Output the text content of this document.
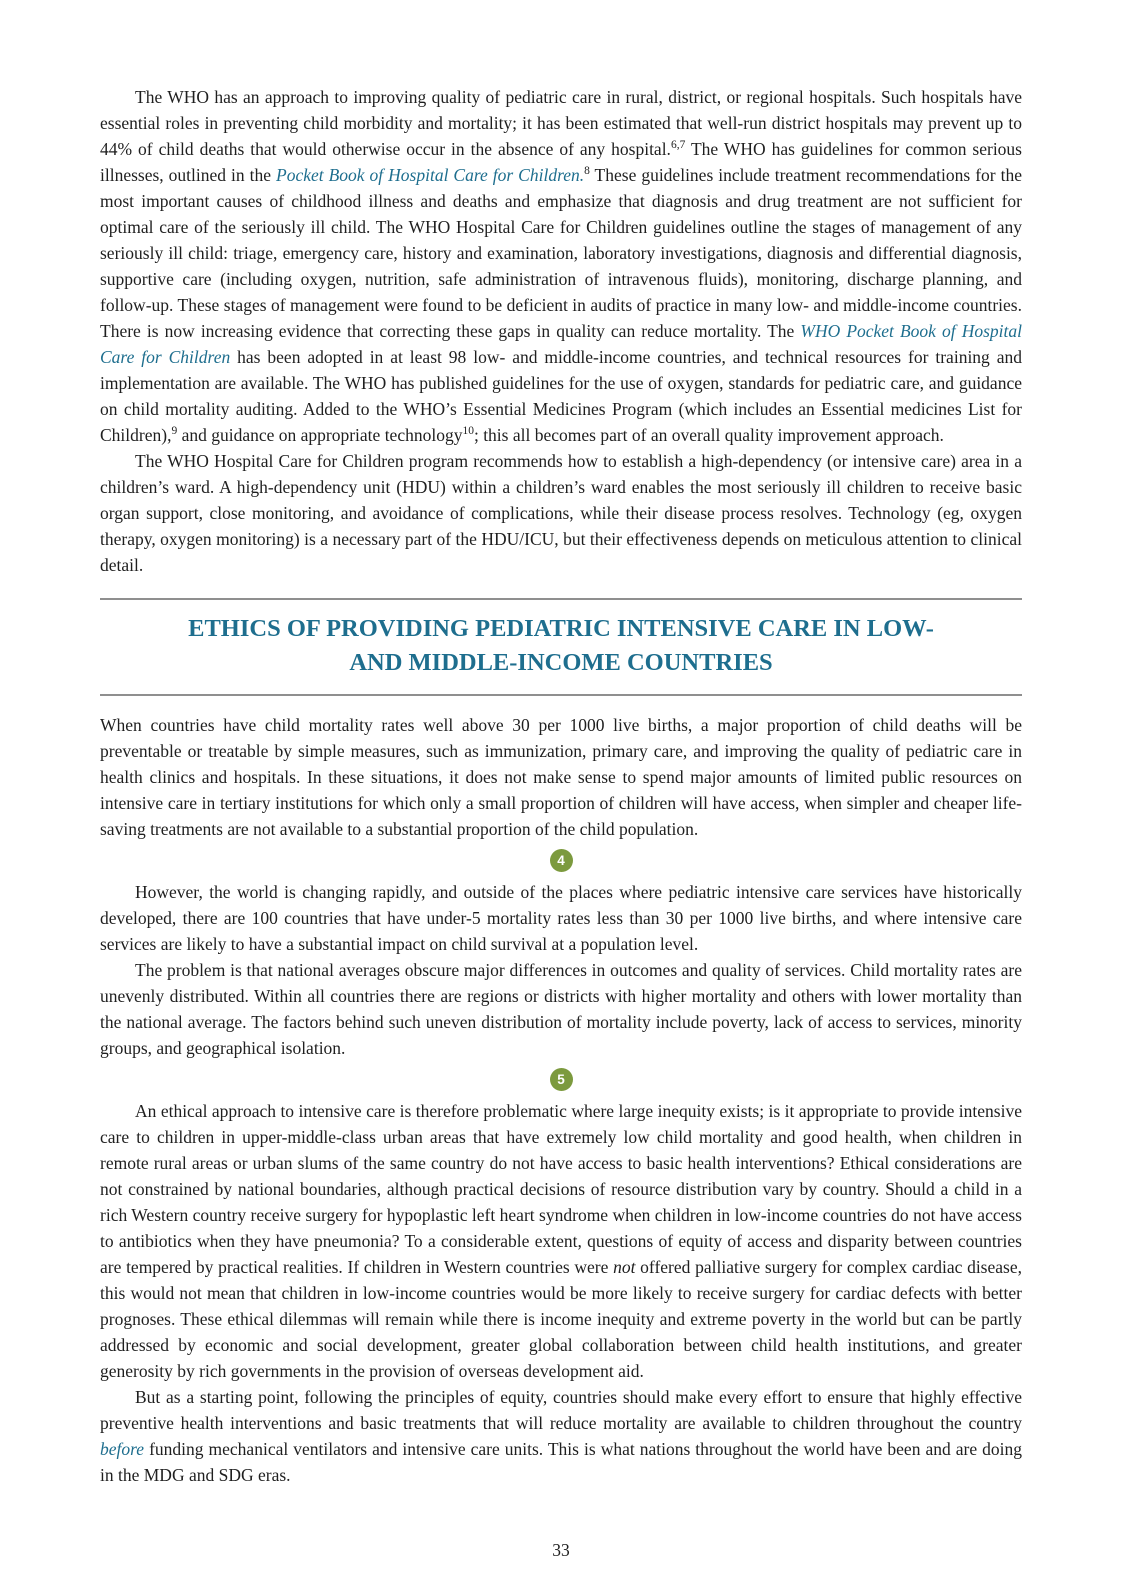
The WHO has an approach to improving quality of pediatric care in rural, district, or regional hospitals. Such hospitals have essential roles in preventing child morbidity and mortality; it has been estimated that well-run district hospitals may prevent up to 44% of child deaths that would otherwise occur in the absence of any hospital.$^{6,7}$ The WHO has guidelines for common serious illnesses, outlined in the Pocket Book of Hospital Care for Children.$^8$ These guidelines include treatment recommendations for the most important causes of childhood illness and deaths and emphasize that diagnosis and drug treatment are not sufficient for optimal care of the seriously ill child. The WHO Hospital Care for Children guidelines outline the stages of management of any seriously ill child: triage, emergency care, history and examination, laboratory investigations, diagnosis and differential diagnosis, supportive care (including oxygen, nutrition, safe administration of intravenous fluids), monitoring, discharge planning, and follow-up. These stages of management were found to be deficient in audits of practice in many low- and middle-income countries. There is now increasing evidence that correcting these gaps in quality can reduce mortality. The WHO Pocket Book of Hospital Care for Children has been adopted in at least 98 low- and middle-income countries, and technical resources for training and implementation are available. The WHO has published guidelines for the use of oxygen, standards for pediatric care, and guidance on child mortality auditing. Added to the WHO’s Essential Medicines Program (which includes an Essential medicines List for Children),$^9$ and guidance on appropriate technology$^{10}$; this all becomes part of an overall quality improvement approach.

The WHO Hospital Care for Children program recommends how to establish a high-dependency (or intensive care) area in a children’s ward. A high-dependency unit (HDU) within a children’s ward enables the most seriously ill children to receive basic organ support, close monitoring, and avoidance of complications, while their disease process resolves. Technology (eg, oxygen therapy, oxygen monitoring) is a necessary part of the HDU/ICU, but their effectiveness depends on meticulous attention to clinical detail.

ETHICS OF PROVIDING PEDIATRIC INTENSIVE CARE IN LOW-
AND MIDDLE-INCOME COUNTRIES

When countries have child mortality rates well above 30 per 1000 live births, a major proportion of child deaths will be preventable or treatable by simple measures, such as immunization, primary care, and improving the quality of pediatric care in health clinics and hospitals. In these situations, it does not make sense to spend major amounts of limited public resources on intensive care in tertiary institutions for which only a small proportion of children will have access, when simpler and cheaper life-saving treatments are not available to a substantial proportion of the child population.

4

However, the world is changing rapidly, and outside of the places where pediatric intensive care services have historically developed, there are 100 countries that have under-5 mortality rates less than 30 per 1000 live births, and where intensive care services are likely to have a substantial impact on child survival at a population level.

The problem is that national averages obscure major differences in outcomes and quality of services. Child mortality rates are unevenly distributed. Within all countries there are regions or districts with higher mortality and others with lower mortality than the national average. The factors behind such uneven distribution of mortality include poverty, lack of access to services, minority groups, and geographical isolation.

5

An ethical approach to intensive care is therefore problematic where large inequity exists; is it appropriate to provide intensive care to children in upper-middle-class urban areas that have extremely low child mortality and good health, when children in remote rural areas or urban slums of the same country do not have access to basic health interventions? Ethical considerations are not constrained by national boundaries, although practical decisions of resource distribution vary by country. Should a child in a rich Western country receive surgery for hypoplastic left heart syndrome when children in low-income countries do not have access to antibiotics when they have pneumonia? To a considerable extent, questions of equity of access and disparity between countries are tempered by practical realities. If children in Western countries were not offered palliative surgery for complex cardiac disease, this would not mean that children in low-income countries would be more likely to receive surgery for cardiac defects with better prognoses. These ethical dilemmas will remain while there is income inequity and extreme poverty in the world but can be partly addressed by economic and social development, greater global collaboration between child health institutions, and greater generosity by rich governments in the provision of overseas development aid.

But as a starting point, following the principles of equity, countries should make every effort to ensure that highly effective preventive health interventions and basic treatments that will reduce mortality are available to children throughout the country before funding mechanical ventilators and intensive care units. This is what nations throughout the world have been and are doing in the MDG and SDG eras.

33
